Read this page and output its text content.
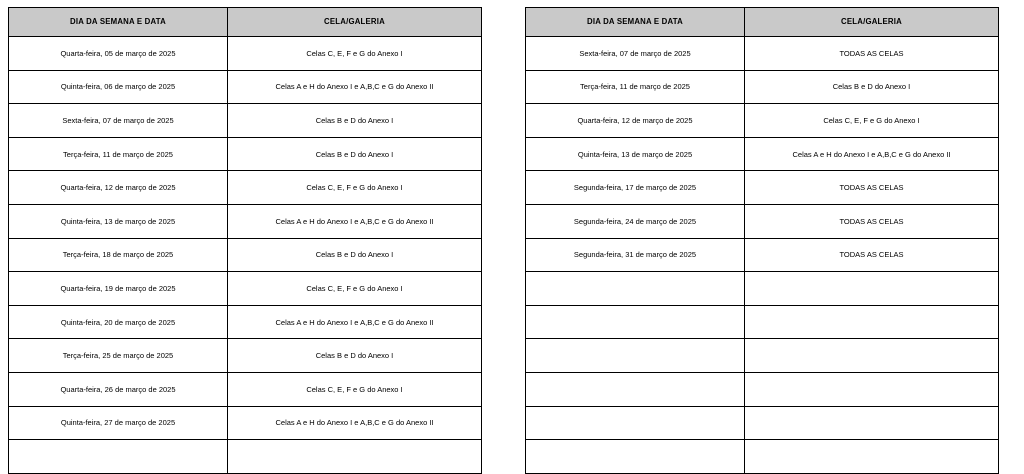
DIA DA SEMANA E DATA	CELA/GALERIA

Quarta-feira, 05 de março de 2025	Celas C, E, F e G do Anexo I

Quinta-feira, 06 de março de 2025	Celas A e H do Anexo I e A,B,C e G do Anexo II

Sexta-feira, 07 de março de 2025	Celas B e D do Anexo I

Terça-feira, 11 de março de 2025	Celas B e D do Anexo I

Quarta-feira, 12 de março de 2025	Celas C, E, F e G do Anexo I

Quinta-feira, 13 de março de 2025	Celas A e H do Anexo I e A,B,C e G do Anexo II

Terça-feira, 18 de março de 2025	Celas B e D do Anexo I

Quarta-feira, 19 de março de 2025	Celas C, E, F e G do Anexo I

Quinta-feira, 20 de março de 2025	Celas A e H do Anexo I e A,B,C e G do Anexo II

Terça-feira, 25 de março de 2025	Celas B e D do Anexo I

Quarta-feira, 26 de março de 2025	Celas C, E, F e G do Anexo I

Quinta-feira, 27 de março de 2025	Celas A e H do Anexo I e A,B,C e G do Anexo II

DIA DA SEMANA E DATA	CELA/GALERIA

Sexta-feira, 07 de março de 2025	TODAS AS CELAS

Terça-feira, 11 de março de 2025	Celas B e D do Anexo I

Quarta-feira, 12 de março de 2025	Celas C, E, F e G do Anexo I

Quinta-feira, 13 de março de 2025	Celas A e H do Anexo I e A,B,C e G do Anexo II

Segunda-feira, 17 de março de 2025	TODAS AS CELAS

Segunda-feira, 24 de março de 2025	TODAS AS CELAS

Segunda-feira, 31 de março de 2025	TODAS AS CELAS
